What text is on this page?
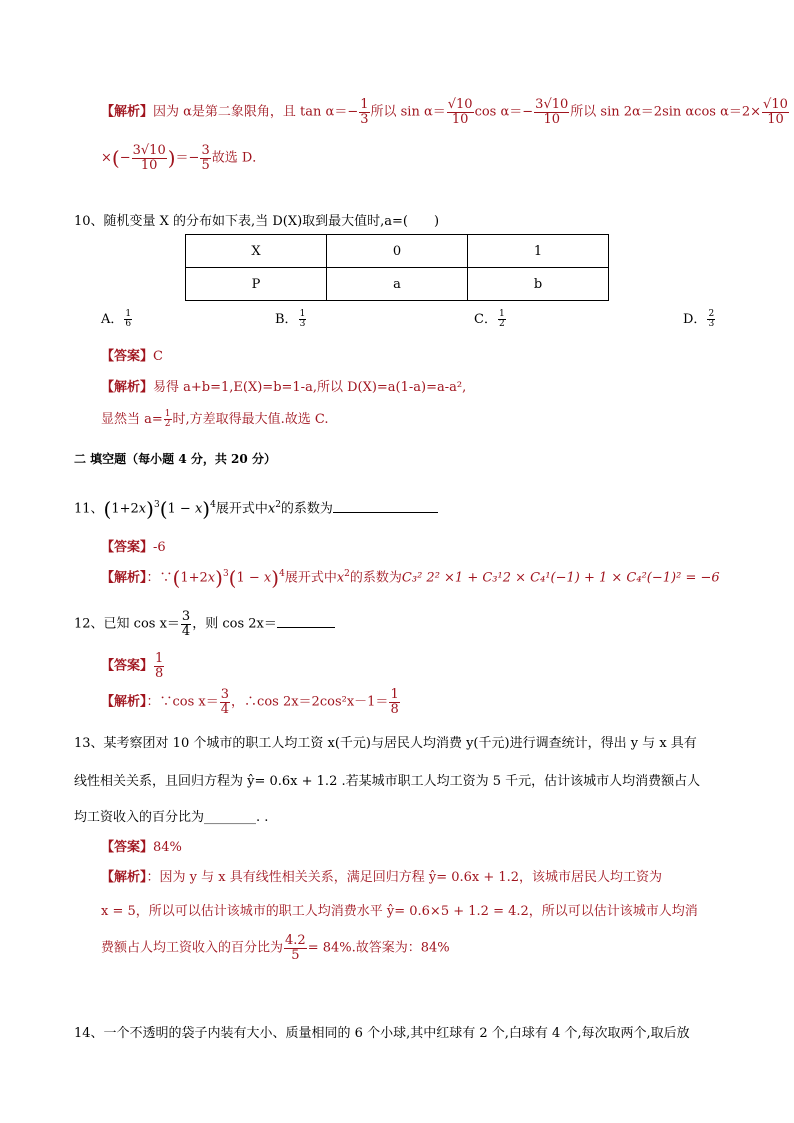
【解析】因为 α是第二象限角，且 $\tan \alpha=- \frac{1}{3}$ 所以 $\sin \alpha= \frac{√10}{10}$ $\cos \alpha=- \frac{3√10}{10}$ 所以 sin 2α＝2sin αcos $\alpha=2\times \frac{√10}{10}$
×(− $\frac{3√10}{10}$ )＝− $\frac{3}{5}$ 故选 D．
10、随机变量 X 的分布如下表,当 D(X)取到最大值时,a=(　　)
X	0	1
P	a	b
A． $\frac{1}{6}$	B． $\frac{1}{3}$	C． $\frac{1}{2}$	D． $\frac{2}{3}$
【答案】C
【解析】易得 a+b=1,E(X)=b=1-a,所以 D(X)=a(1-a)=a-a²,
显然当 $a= \frac{1}{2}$ 时,方差取得最大值.故选 C.
二 填空题（每小题 4 分，共 20 分）
11、$(1+2x)^3(1 - x)^4$展开式中$x^2$的系数为
【答案】-6
【解析】：$\because(1+2x)^3(1 - x)^4$展开式中$x^2$的系数为C₃² 2² ×1 + C₃¹2 × C₄¹(−1) + 1 × C₄²(−1)² = −6
12、已知 $\cos x= \frac{3}{4}$ ，则 cos 2x＝
【答案】 $\frac{1}{8}$
【解析】：∵cos $x= \frac{3}{4}$ ，∴cos $2x=2\cos^2x-1= \frac{1}{8}$
13、某考察团对 10 个城市的职工人均工资 x(千元)与居民人均消费 y(千元)进行调查统计，得出 y 与 x 具有
线性相关关系，且回归方程为 ŷ= 0.6x + 1.2 .若某城市职工人均工资为 5 千元，估计该城市人均消费额占人
均工资收入的百分比为________. .
【答案】84%
【解析】：因为 y 与 x 具有线性相关关系，满足回归方程 ŷ= 0.6x + 1.2，该城市居民人均工资为
x = 5，所以可以估计该城市的职工人均消费水平 ŷ= 0.6×5 + 1.2 = 4.2，所以可以估计该城市人均消
费额占人均工资收入的百分比为 $\frac{4.2}{5} = 84\%$.故答案为：84%
14、一个不透明的袋子内装有大小、质量相同的 6 个小球,其中红球有 2 个,白球有 4 个,每次取两个,取后放
